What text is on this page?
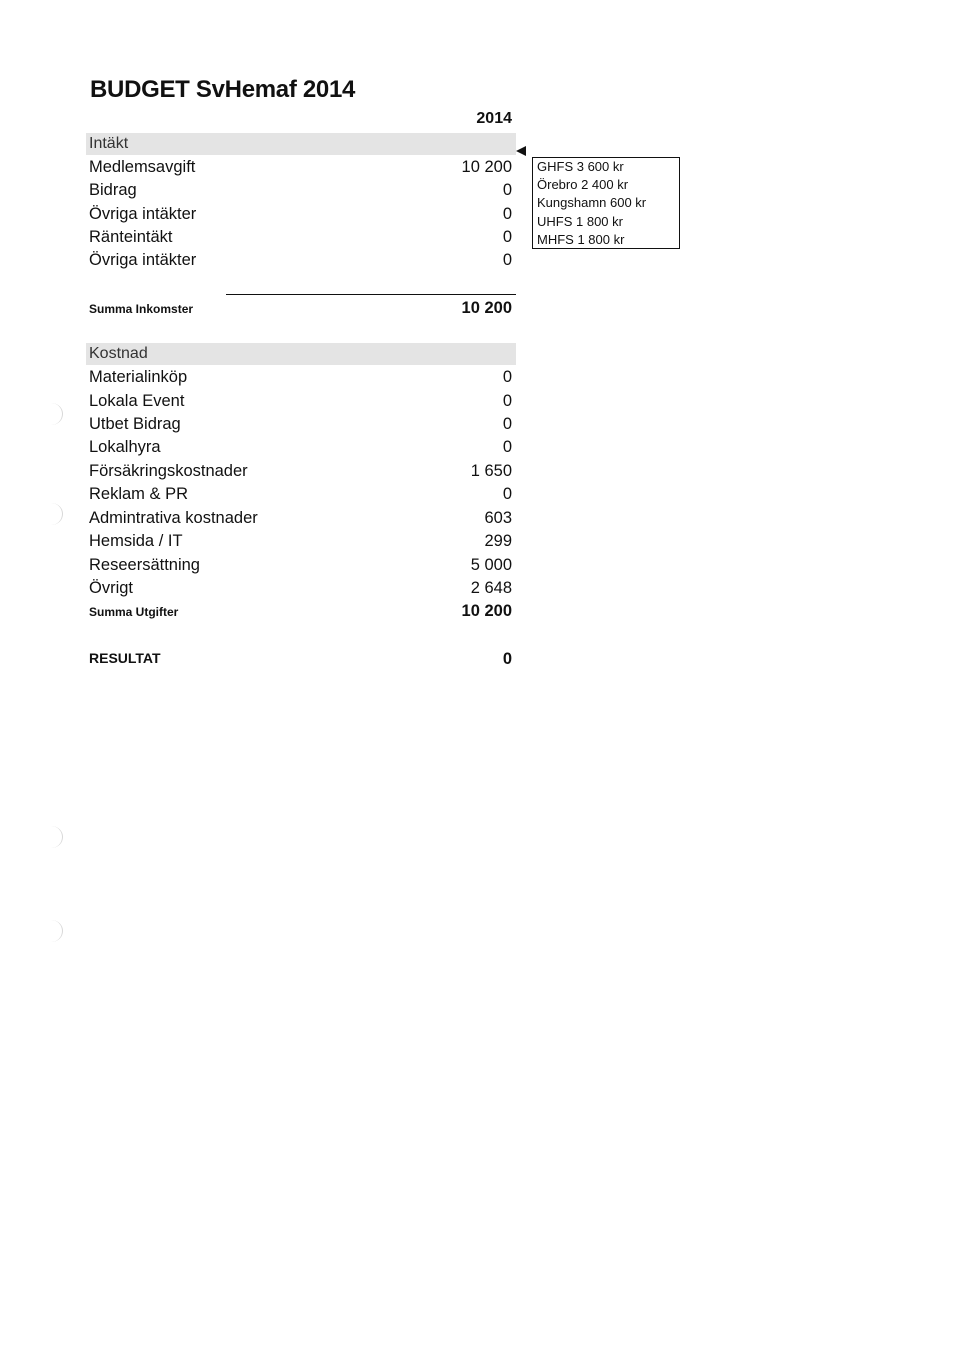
BUDGET SvHemaf 2014
2014
Intäkt
Medlemsavgift	10 200
Bidrag	0
Övriga intäkter	0
Ränteintäkt	0
Övriga intäkter	0
GHFS 3 600 kr
Örebro 2 400 kr
Kungshamn 600 kr
UHFS 1 800 kr
MHFS 1 800 kr
Summa Inkomster	10 200
Kostnad
Materialinköp	0
Lokala Event	0
Utbet Bidrag	0
Lokalhyra	0
Försäkringskostnader	1 650
Reklam & PR	0
Admintrativa kostnader	603
Hemsida / IT	299
Reseersättning	5 000
Övrigt	2 648
Summa Utgifter	10 200
RESULTAT	0
